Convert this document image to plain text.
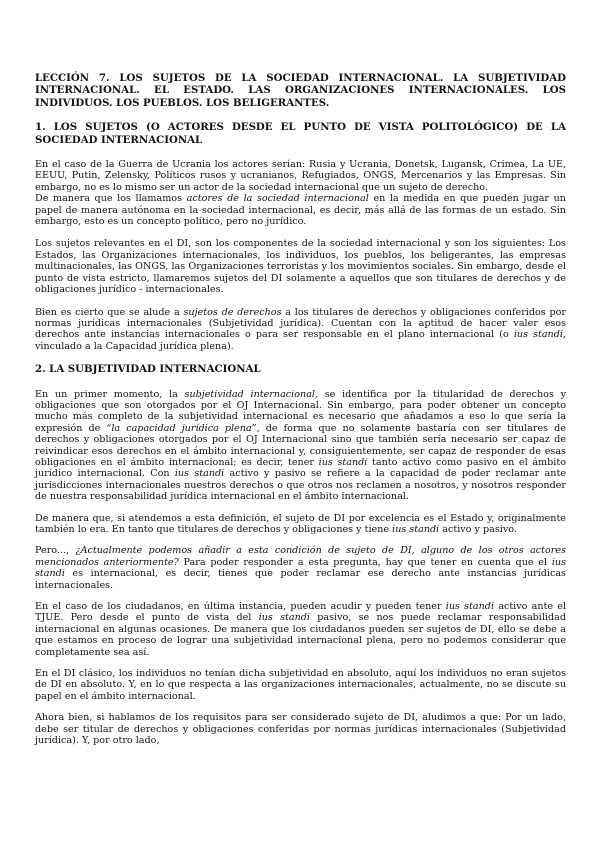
LECCIÓN 7. LOS SUJETOS DE LA SOCIEDAD INTERNACIONAL. LA SUBJETIVIDAD INTERNACIONAL. EL ESTADO. LAS ORGANIZACIONES INTERNACIONALES. LOS INDIVIDUOS. LOS PUEBLOS. LOS BELIGERANTES.
1. LOS SUJETOS (O ACTORES DESDE EL PUNTO DE VISTA POLITOLÓGICO) DE LA SOCIEDAD INTERNACIONAL

En el caso de la Guerra de Ucrania los actores serían: Rusia y Ucrania, Donetsk, Lugansk, Crimea, La UE, EEUU, Putin, Zelensky, Políticos rusos y ucranianos, Refugiados, ONGS, Mercenarios y las Empresas. Sin embargo, no es lo mismo ser un actor de la sociedad internacional que un sujeto de derecho.
De manera que los llamamos actores de la sociedad internacional en la medida en que pueden jugar un papel de manera autónoma en la sociedad internacional, es decir, más allá de las formas de un estado. Sin embargo, esto es un concepto político, pero no jurídico.

Los sujetos relevantes en el DI, son los componentes de la sociedad internacional y son los siguientes: Los Estados, las Organizaciones internacionales, los individuos, los pueblos, los beligerantes, las empresas multinacionales, las ONGS, las Organizaciones terroristas y los movimientos sociales. Sin embargo, desde el punto de vista estricto, llamaremos sujetos del DI solamente a aquellos que son titulares de derechos y de obligaciones jurídico - internacionales.

Bien es cierto que se alude a sujetos de derechos a los titulares de derechos y obligaciones conferidos por normas jurídicas internacionales (Subjetividad jurídica). Cuentan con la aptitud de hacer valer esos derechos ante instancias internacionales o para ser responsable en el plano internacional (o ius standi, vinculado a la Capacidad jurídica plena).

2. LA SUBJETIVIDAD INTERNACIONAL

En un primer momento, la subjetividad internacional, se identifica por la titularidad de derechos y obligaciones que son otorgados por el OJ Internacional. Sin embargo, para poder obtener un concepto mucho más completo de la subjetividad internacional es necesario que añadamos a eso lo que sería la expresión de “la capacidad jurídica plena”, de forma que no solamente bastaría con ser titulares de derechos y obligaciones otorgados por el OJ Internacional sino que también sería necesario ser capaz de reivindicar esos derechos en el ámbito internacional y, consiguientemente, ser capaz de responder de esas obligaciones en el ámbito internacional; es decir, tener ius standi tanto activo como pasivo en el ámbito jurídico internacional. Con ius standi activo y pasivo se refiere a la capacidad de poder reclamar ante jurisdicciones internacionales nuestros derechos o que otros nos reclamen a nosotros, y nosotros responder de nuestra responsabilidad jurídica internacional en el ámbito internacional.

De manera que, si atendemos a esta definición, el sujeto de DI por excelencia es el Estado y, originalmente también lo era. En tanto que titulares de derechos y obligaciones y tiene ius standi activo y pasivo.

Pero..., ¿Actualmente podemos añadir a esta condición de sujeto de DI, alguno de los otros actores mencionados anteriormente? Para poder responder a esta pregunta, hay que tener en cuenta que el ius standi es internacional, es decir, tienes que poder reclamar ese derecho ante instancias jurídicas internacionales.

En el caso de los ciudadanos, en última instancia, pueden acudir y pueden tener ius standi activo ante el TJUE. Pero desde el punto de vista del ius standi pasivo, se nos puede reclamar responsabilidad internacional en algunas ocasiones. De manera que los ciudadanos pueden ser sujetos de DI, ello se debe a que estamos en proceso de lograr una subjetividad internacional plena, pero no podemos considerar que completamente sea así.

En el DI clásico, los individuos no tenían dicha subjetividad en absoluto, aquí los individuos no eran sujetos de DI en absoluto. Y, en lo que respecta a las organizaciones internacionales, actualmente, no se discute su papel en el ámbito internacional.

Ahora bien, si hablamos de los requisitos para ser considerado sujeto de DI, aludimos a que: Por un lado, debe ser titular de derechos y obligaciones conferidas por normas jurídicas internacionales (Subjetividad jurídica). Y, por otro lado,
